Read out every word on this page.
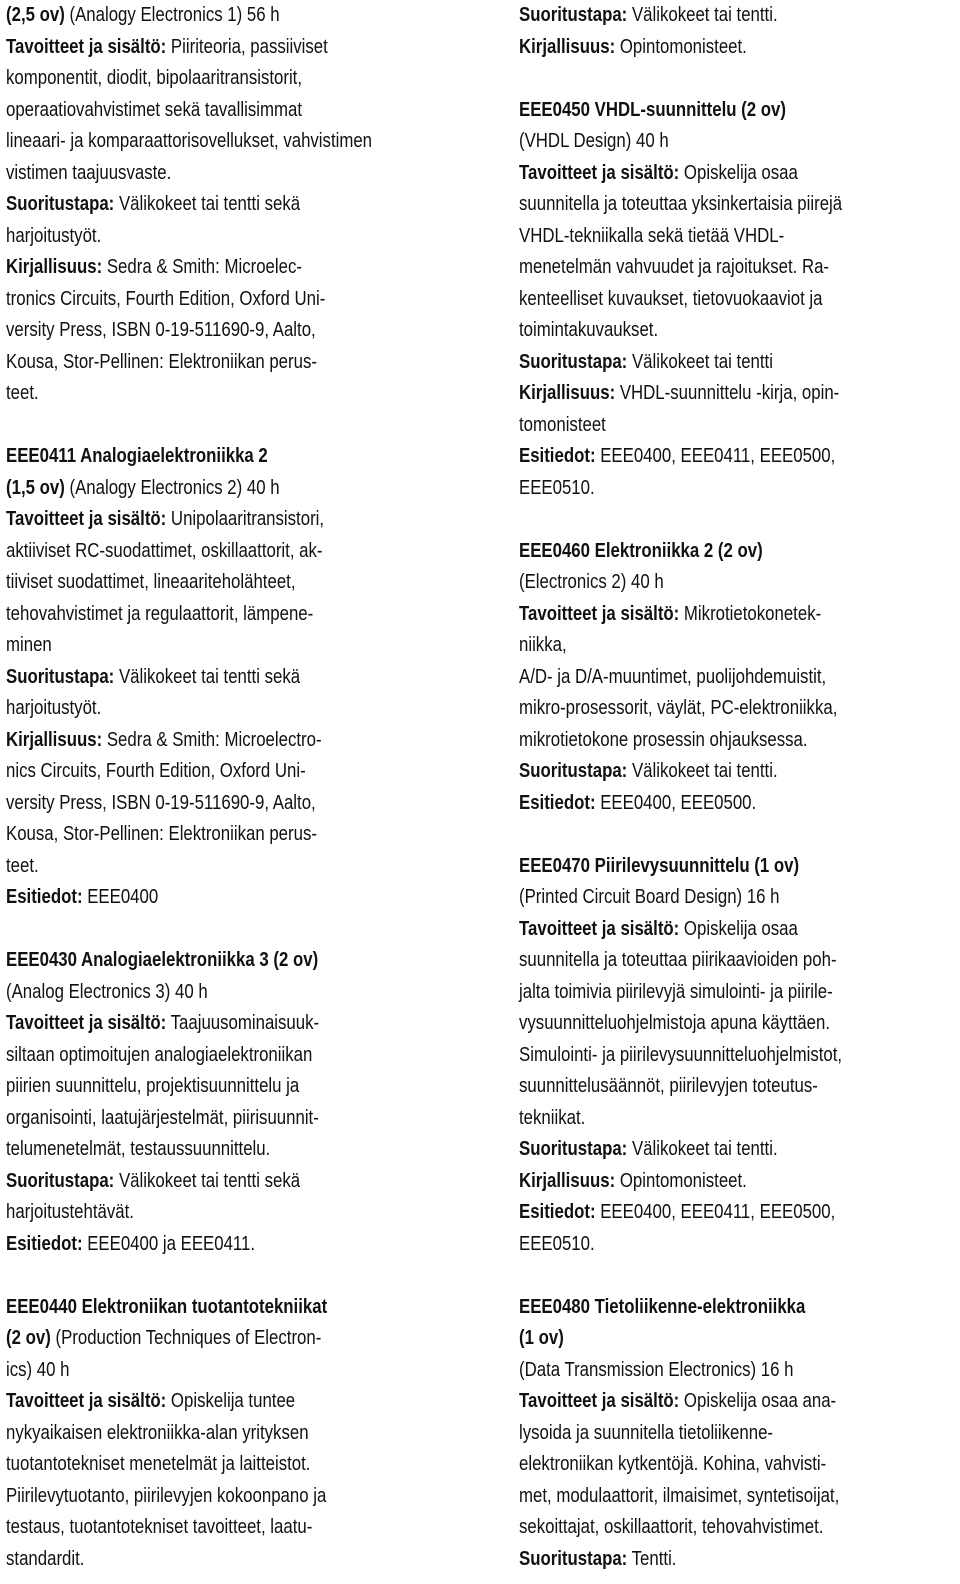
(2,5 ov) (Analogy Electronics 1) 56 h
Tavoitteet ja sisältö: Piiriteoria, passiiviset
komponentit, diodit, bipolaaritransistorit,
operaatiovahvistimet sekä tavallisimmat
lineaari- ja komparaattorisovellukset, vahvistimen
vistimen taajuusvaste.
Suoritustapa: Välikokeet tai tentti sekä
harjoitustyöt.
Kirjallisuus: Sedra & Smith: Microelec-
tronics Circuits, Fourth Edition, Oxford Uni-
versity Press, ISBN 0-19-511690-9, Aalto,
Kousa, Stor-Pellinen: Elektroniikan perus-
teet.
EEE0411 Analogiaelektroniikka 2
(1,5 ov) (Analogy Electronics 2) 40 h
Tavoitteet ja sisältö: Unipolaaritransistori,
aktiiviset RC-suodattimet, oskillaattorit, ak-
tiiviset suodattimet, lineaariteholähteet,
tehovahvistimet ja regulaattorit, lämpene-
minen
Suoritustapa: Välikokeet tai tentti sekä
harjoitustyöt.
Kirjallisuus: Sedra & Smith: Microelectro-
nics Circuits, Fourth Edition, Oxford Uni-
versity Press, ISBN 0-19-511690-9, Aalto,
Kousa, Stor-Pellinen: Elektroniikan perus-
teet.
Esitiedot: EEE0400
EEE0430 Analogiaelektroniikka 3 (2 ov)
(Analog Electronics 3) 40 h
Tavoitteet ja sisältö: Taajuusominaisuuk-
siltaan optimoitujen analogiaelektroniikan
piirien suunnittelu, projektisuunnittelu ja
organisointi, laatujärjestelmät, piirisuunnit-
telumenetelmät, testaussuunnittelu.
Suoritustapa: Välikokeet tai tentti sekä
harjoitustehtävät.
Esitiedot: EEE0400 ja EEE0411.
EEE0440 Elektroniikan tuotantotekniikat
(2 ov) (Production Techniques of Electron-
ics) 40 h
Tavoitteet ja sisältö: Opiskelija tuntee
nykyaikaisen elektroniikka-alan yrityksen
tuotantotekniset menetelmät ja laitteistot.
Piirilevytuotanto, piirilevyjen kokoonpano ja
testaus, tuotantotekniset tavoitteet, laatu-
standardit.
Suoritustapa: Välikokeet tai tentti.
Kirjallisuus: Opintomonisteet.
EEE0450 VHDL-suunnittelu (2 ov)
(VHDL Design) 40 h
Tavoitteet ja sisältö: Opiskelija osaa
suunnitella ja toteuttaa yksinkertaisia piirejä
VHDL-tekniikalla sekä tietää VHDL-
menetelmän vahvuudet ja rajoitukset. Ra-
kenteelliset kuvaukset, tietovuokaaviot ja
toimintakuvaukset.
Suoritustapa: Välikokeet tai tentti
Kirjallisuus: VHDL-suunnittelu -kirja, opin-
tomonisteet
Esitiedot: EEE0400, EEE0411, EEE0500,
EEE0510.
EEE0460 Elektroniikka 2 (2 ov)
(Electronics 2) 40 h
Tavoitteet ja sisältö: Mikrotietokonetek-
niikka,
A/D- ja D/A-muuntimet, puolijohdemuistit,
mikro-prosessorit, väylät, PC-elektroniikka,
mikrotietokone prosessin ohjauksessa.
Suoritustapa: Välikokeet tai tentti.
Esitiedot: EEE0400, EEE0500.
EEE0470 Piirilevysuunnittelu (1 ov)
(Printed Circuit Board Design) 16 h
Tavoitteet ja sisältö: Opiskelija osaa
suunnitella ja toteuttaa piirikaavioiden poh-
jalta toimivia piirilevyjä simulointi- ja piirile-
vysuunnitteluohjelmistoja apuna käyttäen.
Simulointi- ja piirilevysuunnitteluohjelmistot,
suunnittelusäännöt, piirilevyjen toteutus-
tekniikat.
Suoritustapa: Välikokeet tai tentti.
Kirjallisuus: Opintomonisteet.
Esitiedot: EEE0400, EEE0411, EEE0500,
EEE0510.
EEE0480 Tietoliikenne-elektroniikka
(1 ov)
(Data Transmission Electronics) 16 h
Tavoitteet ja sisältö: Opiskelija osaa ana-
lysoida ja suunnitella tietoliikenne-
elektroniikan kytkentöjä. Kohina, vahvisti-
met, modulaattorit, ilmaisimet, syntetisoijat,
sekoittajat, oskillaattorit, tehovahvistimet.
Suoritustapa: Tentti.
